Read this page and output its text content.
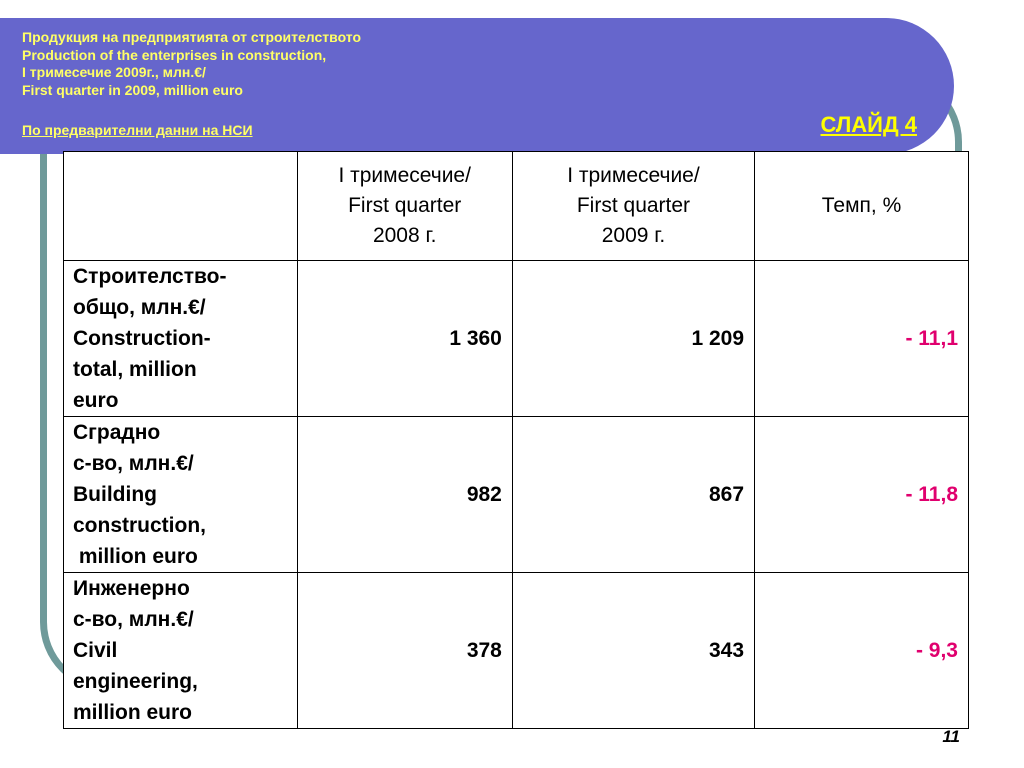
Продукция на предприятията от строителството
Production of the enterprises in construction,
I тримесечие 2009г., млн.€/
First quarter in 2009, million euro
По предварителни данни на НСИ	СЛАЙД 4
	I тримесечие/
First quarter
2008 г.	I тримесечие/
First quarter
2009 г.	Темп, %
Строителство-
общо, млн.€/
Construction-
total, million
euro	1 360	1 209	- 11,1
Сградно
с-во, млн.€/
Building
construction,
million euro	982	867	- 11,8
Инженерно
с-во, млн.€/
Civil
engineering,
million euro	378	343	- 9,3
11
